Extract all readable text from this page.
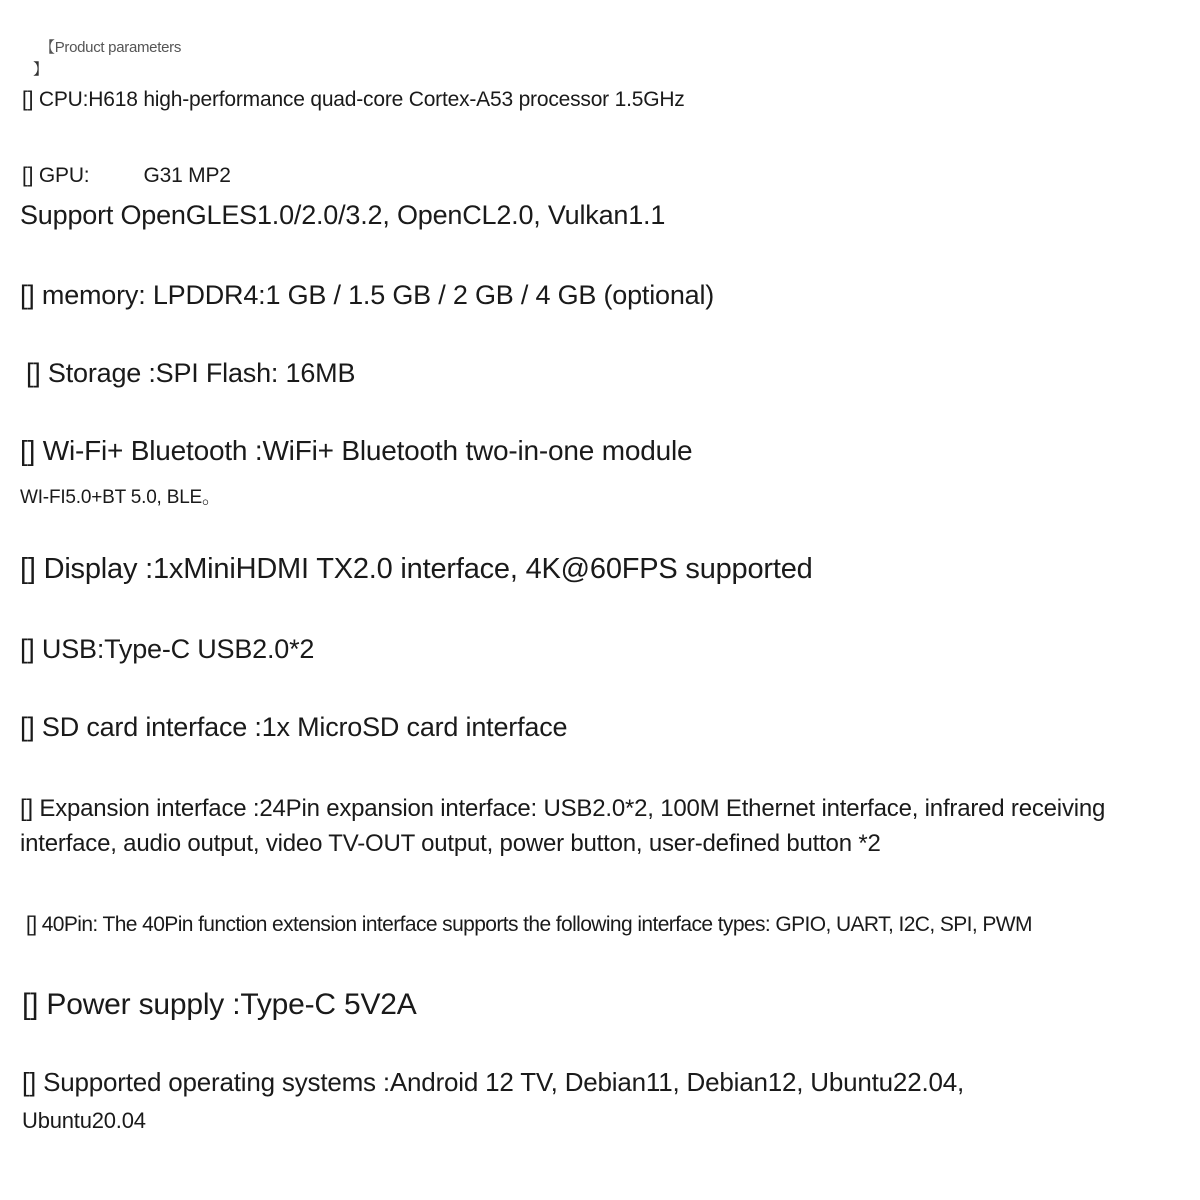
【Product parameters
】
[] CPU:H618 high-performance quad-core Cortex-A53 processor 1.5GHz
[] GPU:	G31 MP2
Support OpenGLES1.0/2.0/3.2, OpenCL2.0, Vulkan1.1
[] memory: LPDDR4:1 GB / 1.5 GB / 2 GB / 4 GB (optional)
[] Storage :SPI Flash: 16MB
[] Wi-Fi+ Bluetooth :WiFi+ Bluetooth two-in-one module
WI-FI5.0+BT 5.0, BLE。
[] Display :1xMiniHDMI TX2.0 interface, 4K@60FPS supported
[] USB:Type-C USB2.0*2
[] SD card interface :1x MicroSD card interface
[] Expansion interface :24Pin expansion interface: USB2.0*2, 100M Ethernet interface, infrared receiving
interface, audio output, video TV-OUT output, power button, user-defined button *2
[] 40Pin: The 40Pin function extension interface supports the following interface types: GPIO, UART, I2C, SPI, PWM
[] Power supply :Type-C 5V2A
[] Supported operating systems :Android 12 TV, Debian11, Debian12, Ubuntu22.04,
Ubuntu20.04
